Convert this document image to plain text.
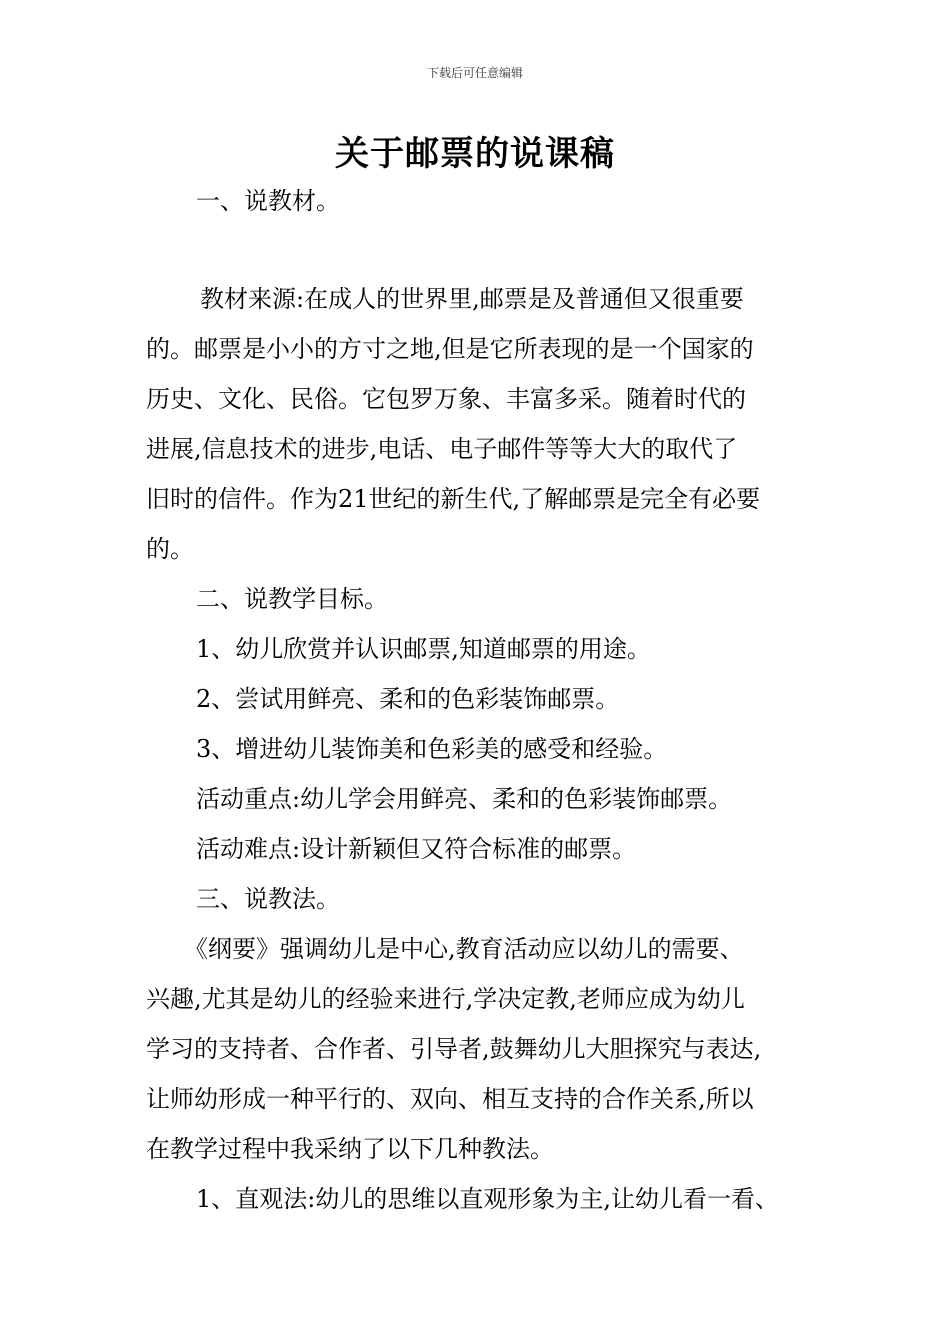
下载后可任意编辑
关于邮票的说课稿
一、说教材。
教材来源:在成人的世界里,邮票是及普通但又很重要
的。邮票是小小的方寸之地,但是它所表现的是一个国家的
历史、文化、民俗。它包罗万象、丰富多采。随着时代的
进展,信息技术的进步,电话、电子邮件等等大大的取代了
旧时的信件。作为21世纪的新生代,了解邮票是完全有必要
的。
二、说教学目标。
1、幼儿欣赏并认识邮票,知道邮票的用途。
2、尝试用鲜亮、柔和的色彩装饰邮票。
3、增进幼儿装饰美和色彩美的感受和经验。
活动重点:幼儿学会用鲜亮、柔和的色彩装饰邮票。
活动难点:设计新颖但又符合标准的邮票。
三、说教法。
《纲要》强调幼儿是中心,教育活动应以幼儿的需要、
兴趣,尤其是幼儿的经验来进行,学决定教,老师应成为幼儿
学习的支持者、合作者、引导者,鼓舞幼儿大胆探究与表达,
让师幼形成一种平行的、双向、相互支持的合作关系,所以
在教学过程中我采纳了以下几种教法。
1、直观法:幼儿的思维以直观形象为主,让幼儿看一看、
